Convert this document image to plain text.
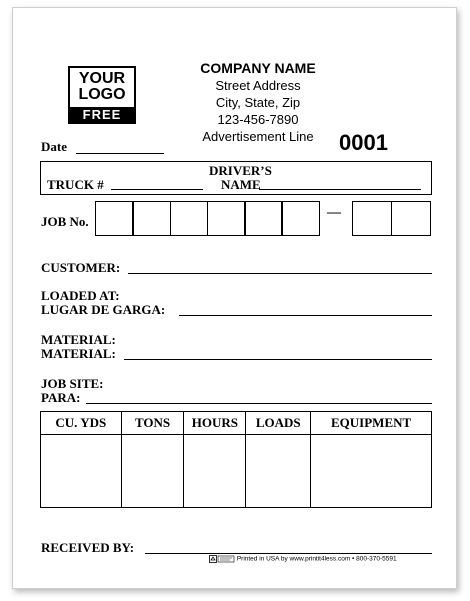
YOUR
LOGO
FREE
COMPANY NAME
Street Address
City, State, Zip
123-456-7890
Advertisement Line	0001
Date
TRUCK #
DRIVER’S
NAME
JOB No.
—
CUSTOMER:
LOADED AT:
LUGAR DE GARGA:
MATERIAL:
MATERIAL:
JOB SITE:
PARA:
CU. YDS	TONS	HOURS	LOADS	EQUIPMENT

RECEIVED BY:
Printed in USA by www.printit4less.com • 800-370-5591
